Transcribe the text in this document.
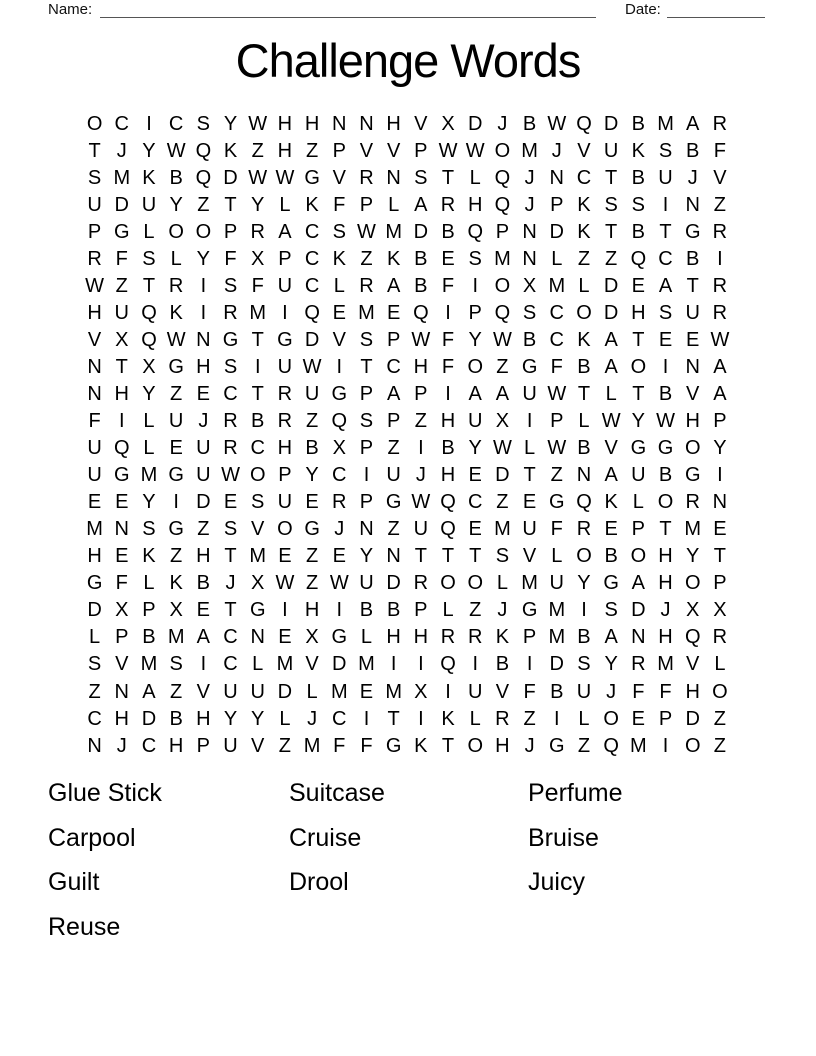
Name:	Date:
Challenge Words
O C I C S Y W H H N N H V X D J B W Q D B M A R
T J Y W Q K Z H Z P V V P W W O M J V U K S B F
S M K B Q D W W G V R N S T L Q J N C T B U J V
U D U Y Z T Y L K F P L A R H Q J P K S S I N Z
P G L O O P R A C S W M D B Q P N D K T B T G R
R F S L Y F X P C K Z K B E S M N L Z Z Q C B I
W Z T R I S F U C L R A B F I O X M L D E A T R
H U Q K I R M I Q E M E Q I P Q S C O D H S U R
V X Q W N G T G D V S P W F Y W B C K A T E E W
N T X G H S I U W I T C H F O Z G F B A O I N A
N H Y Z E C T R U G P A P I A A U W T L T B V A
F I L U J R B R Z Q S P Z H U X I P L W Y W H P
U Q L E U R C H B X P Z I B Y W L W B V G G O Y
U G M G U W O P Y C I U J H E D T Z N A U B G I
E E Y I D E S U E R P G W Q C Z E G Q K L O R N
M N S G Z S V O G J N Z U Q E M U F R E P T M E
H E K Z H T M E Z E Y N T T T S V L O B O H Y T
G F L K B J X W Z W U D R O O L M U Y G A H O P
D X P X E T G I H I B B P L Z J G M I S D J X X
L P B M A C N E X G L H H R R K P M B A N H Q R
S V M S I C L M V D M I	I Q I B I D S Y R M V L
Z N A Z V U U D L M E M X I U V F B U J F F H O
C H D B H Y Y L J C I T I K L R Z I L O E P D Z
N J C H P U V Z M F F G K T O H J G Z Q M I O Z
Glue Stick
Carpool
Guilt
Reuse
Suitcase
Cruise
Drool
Perfume
Bruise
Juicy
